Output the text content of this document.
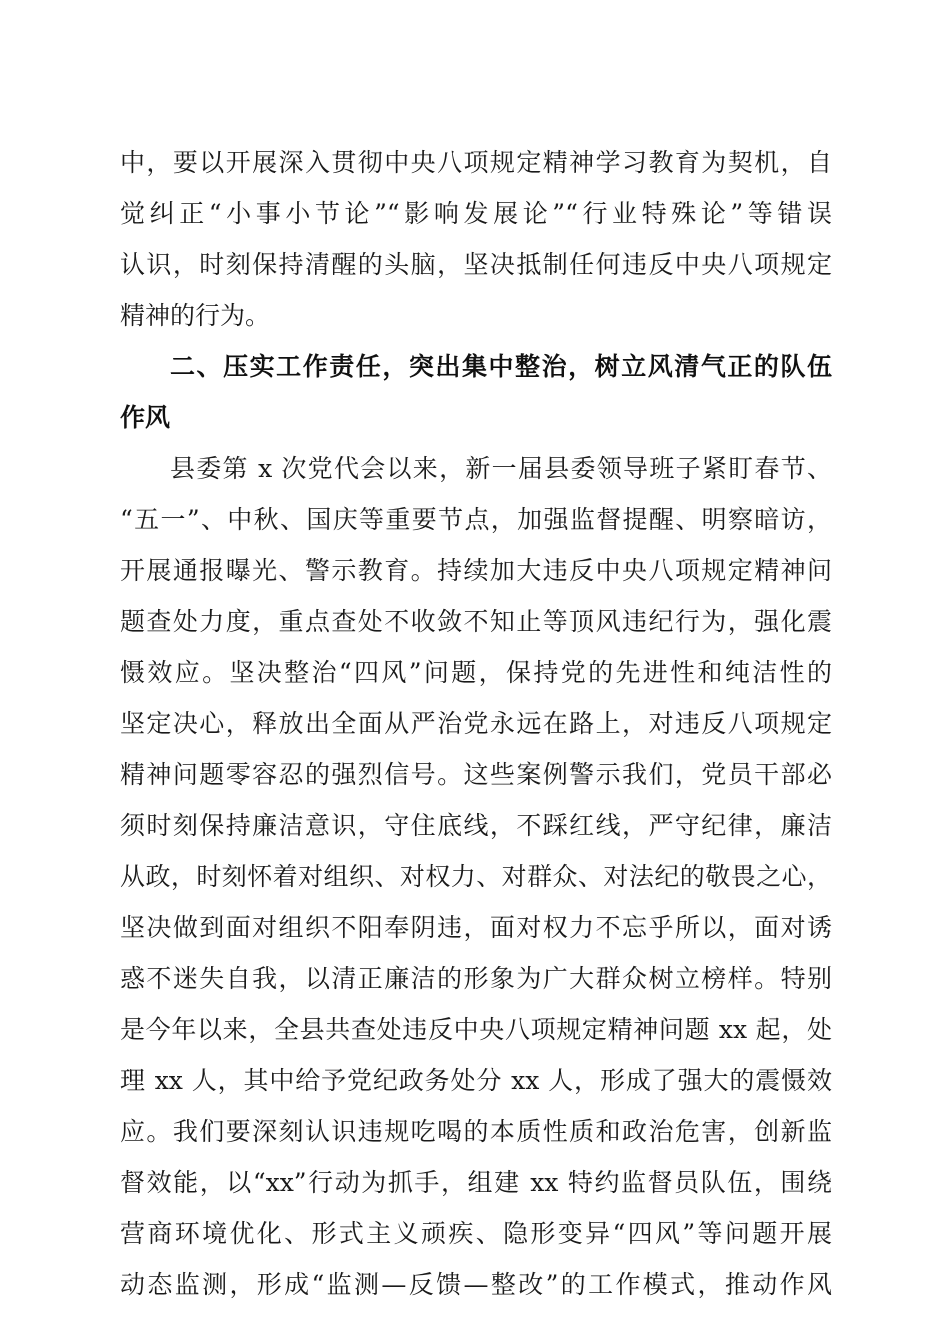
中，要以开展深入贯彻中央八项规定精神学习教育为契机，自
觉纠正“小事小节论”“影响发展论”“行业特殊论”等错误
认识，时刻保持清醒的头脑，坚决抵制任何违反中央八项规定
精神的行为。
二、压实工作责任，突出集中整治，树立风清气正的队伍
作风
县委第 x 次党代会以来，新一届县委领导班子紧盯春节、
“五一”、中秋、国庆等重要节点，加强监督提醒、明察暗访，
开展通报曝光、警示教育。持续加大违反中央八项规定精神问
题查处力度，重点查处不收敛不知止等顶风违纪行为，强化震
慑效应。坚决整治“四风”问题，保持党的先进性和纯洁性的
坚定决心，释放出全面从严治党永远在路上，对违反八项规定
精神问题零容忍的强烈信号。这些案例警示我们，党员干部必
须时刻保持廉洁意识，守住底线，不踩红线，严守纪律，廉洁
从政，时刻怀着对组织、对权力、对群众、对法纪的敬畏之心，
坚决做到面对组织不阳奉阴违，面对权力不忘乎所以，面对诱
惑不迷失自我，以清正廉洁的形象为广大群众树立榜样。特别
是今年以来，全县共查处违反中央八项规定精神问题 xx 起，处
理 xx 人，其中给予党纪政务处分 xx 人，形成了强大的震慑效
应。我们要深刻认识违规吃喝的本质性质和政治危害，创新监
督效能，以“xx”行动为抓手，组建 xx 特约监督员队伍，围绕
营商环境优化、形式主义顽疾、隐形变异“四风”等问题开展
动态监测，形成“监测—反馈—整改”的工作模式，推动作风
